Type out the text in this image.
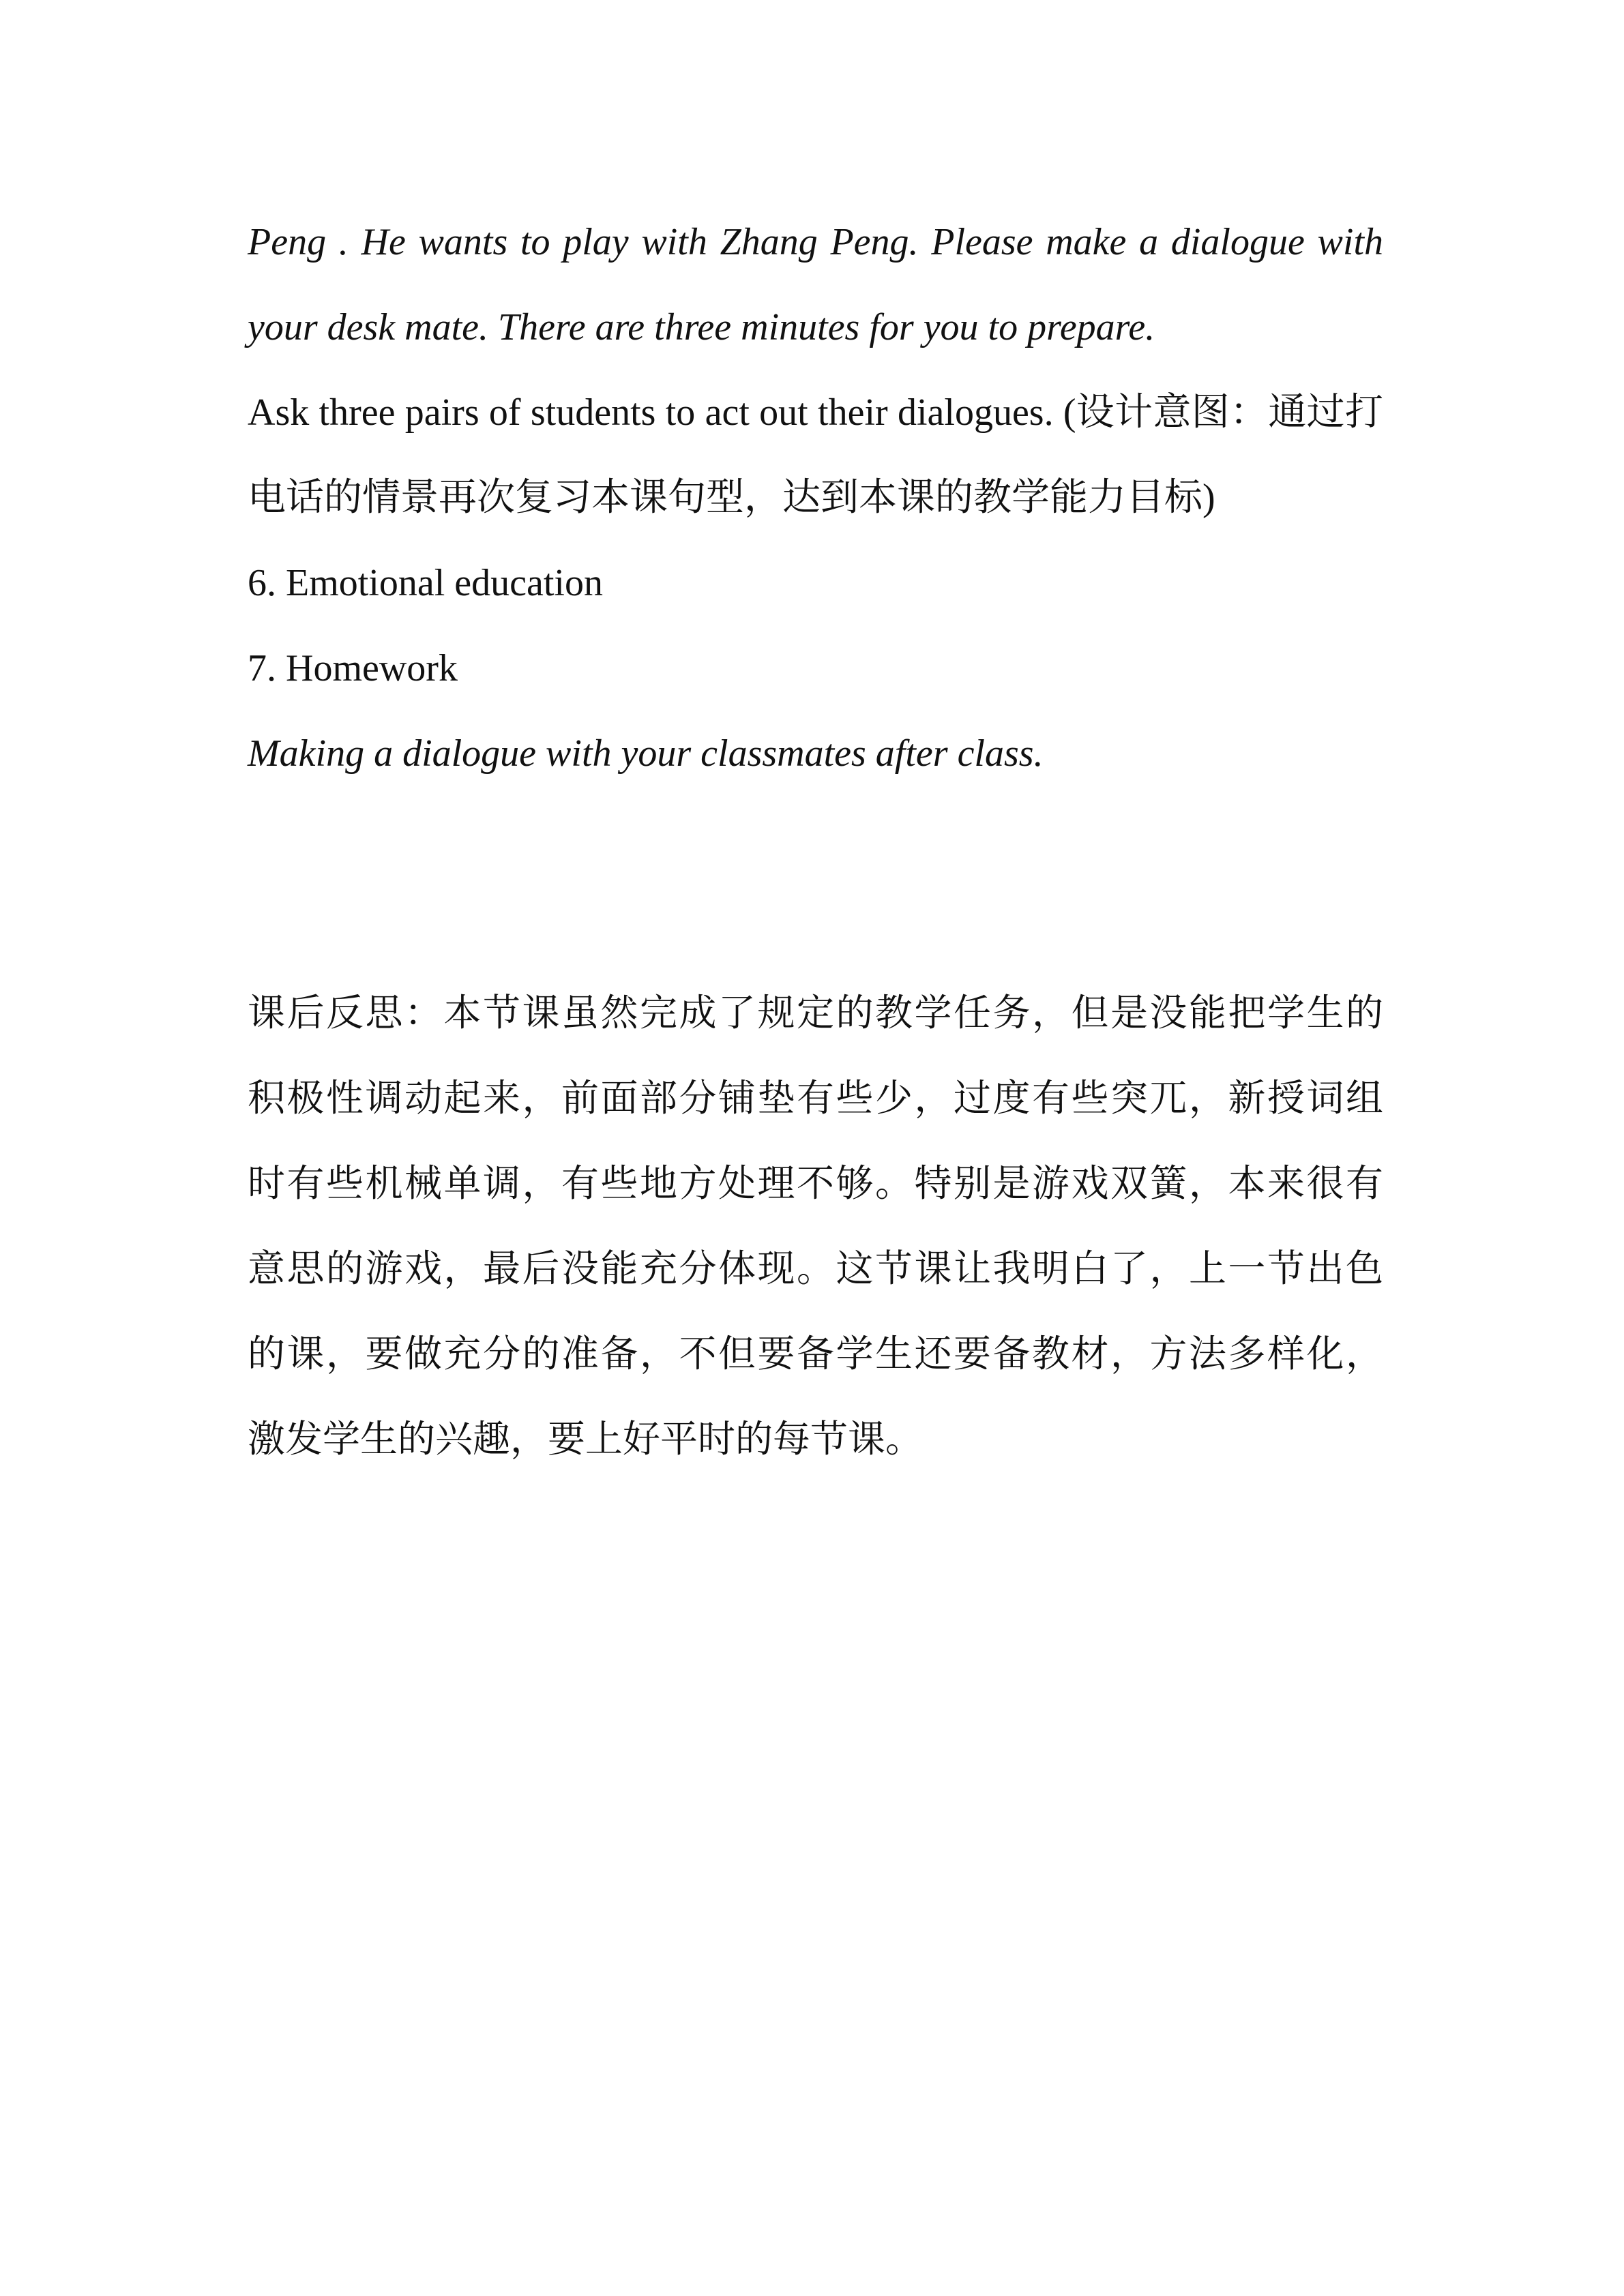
Peng . He wants to play with Zhang Peng. Please make a dialogue with
your desk mate. There are three minutes for you to prepare.
Ask three pairs of students to act out their dialogues. (设计意图：通过打
电话的情景再次复习本课句型，达到本课的教学能力目标)
6. Emotional education
7. Homework
Making a dialogue with your classmates after class.
课后反思：本节课虽然完成了规定的教学任务，但是没能把学生的
积极性调动起来，前面部分铺垫有些少，过度有些突兀，新授词组
时有些机械单调，有些地方处理不够。特别是游戏双簧，本来很有
意思的游戏，最后没能充分体现。这节课让我明白了，上一节出色
的课，要做充分的准备，不但要备学生还要备教材，方法多样化，
激发学生的兴趣，要上好平时的每节课。
